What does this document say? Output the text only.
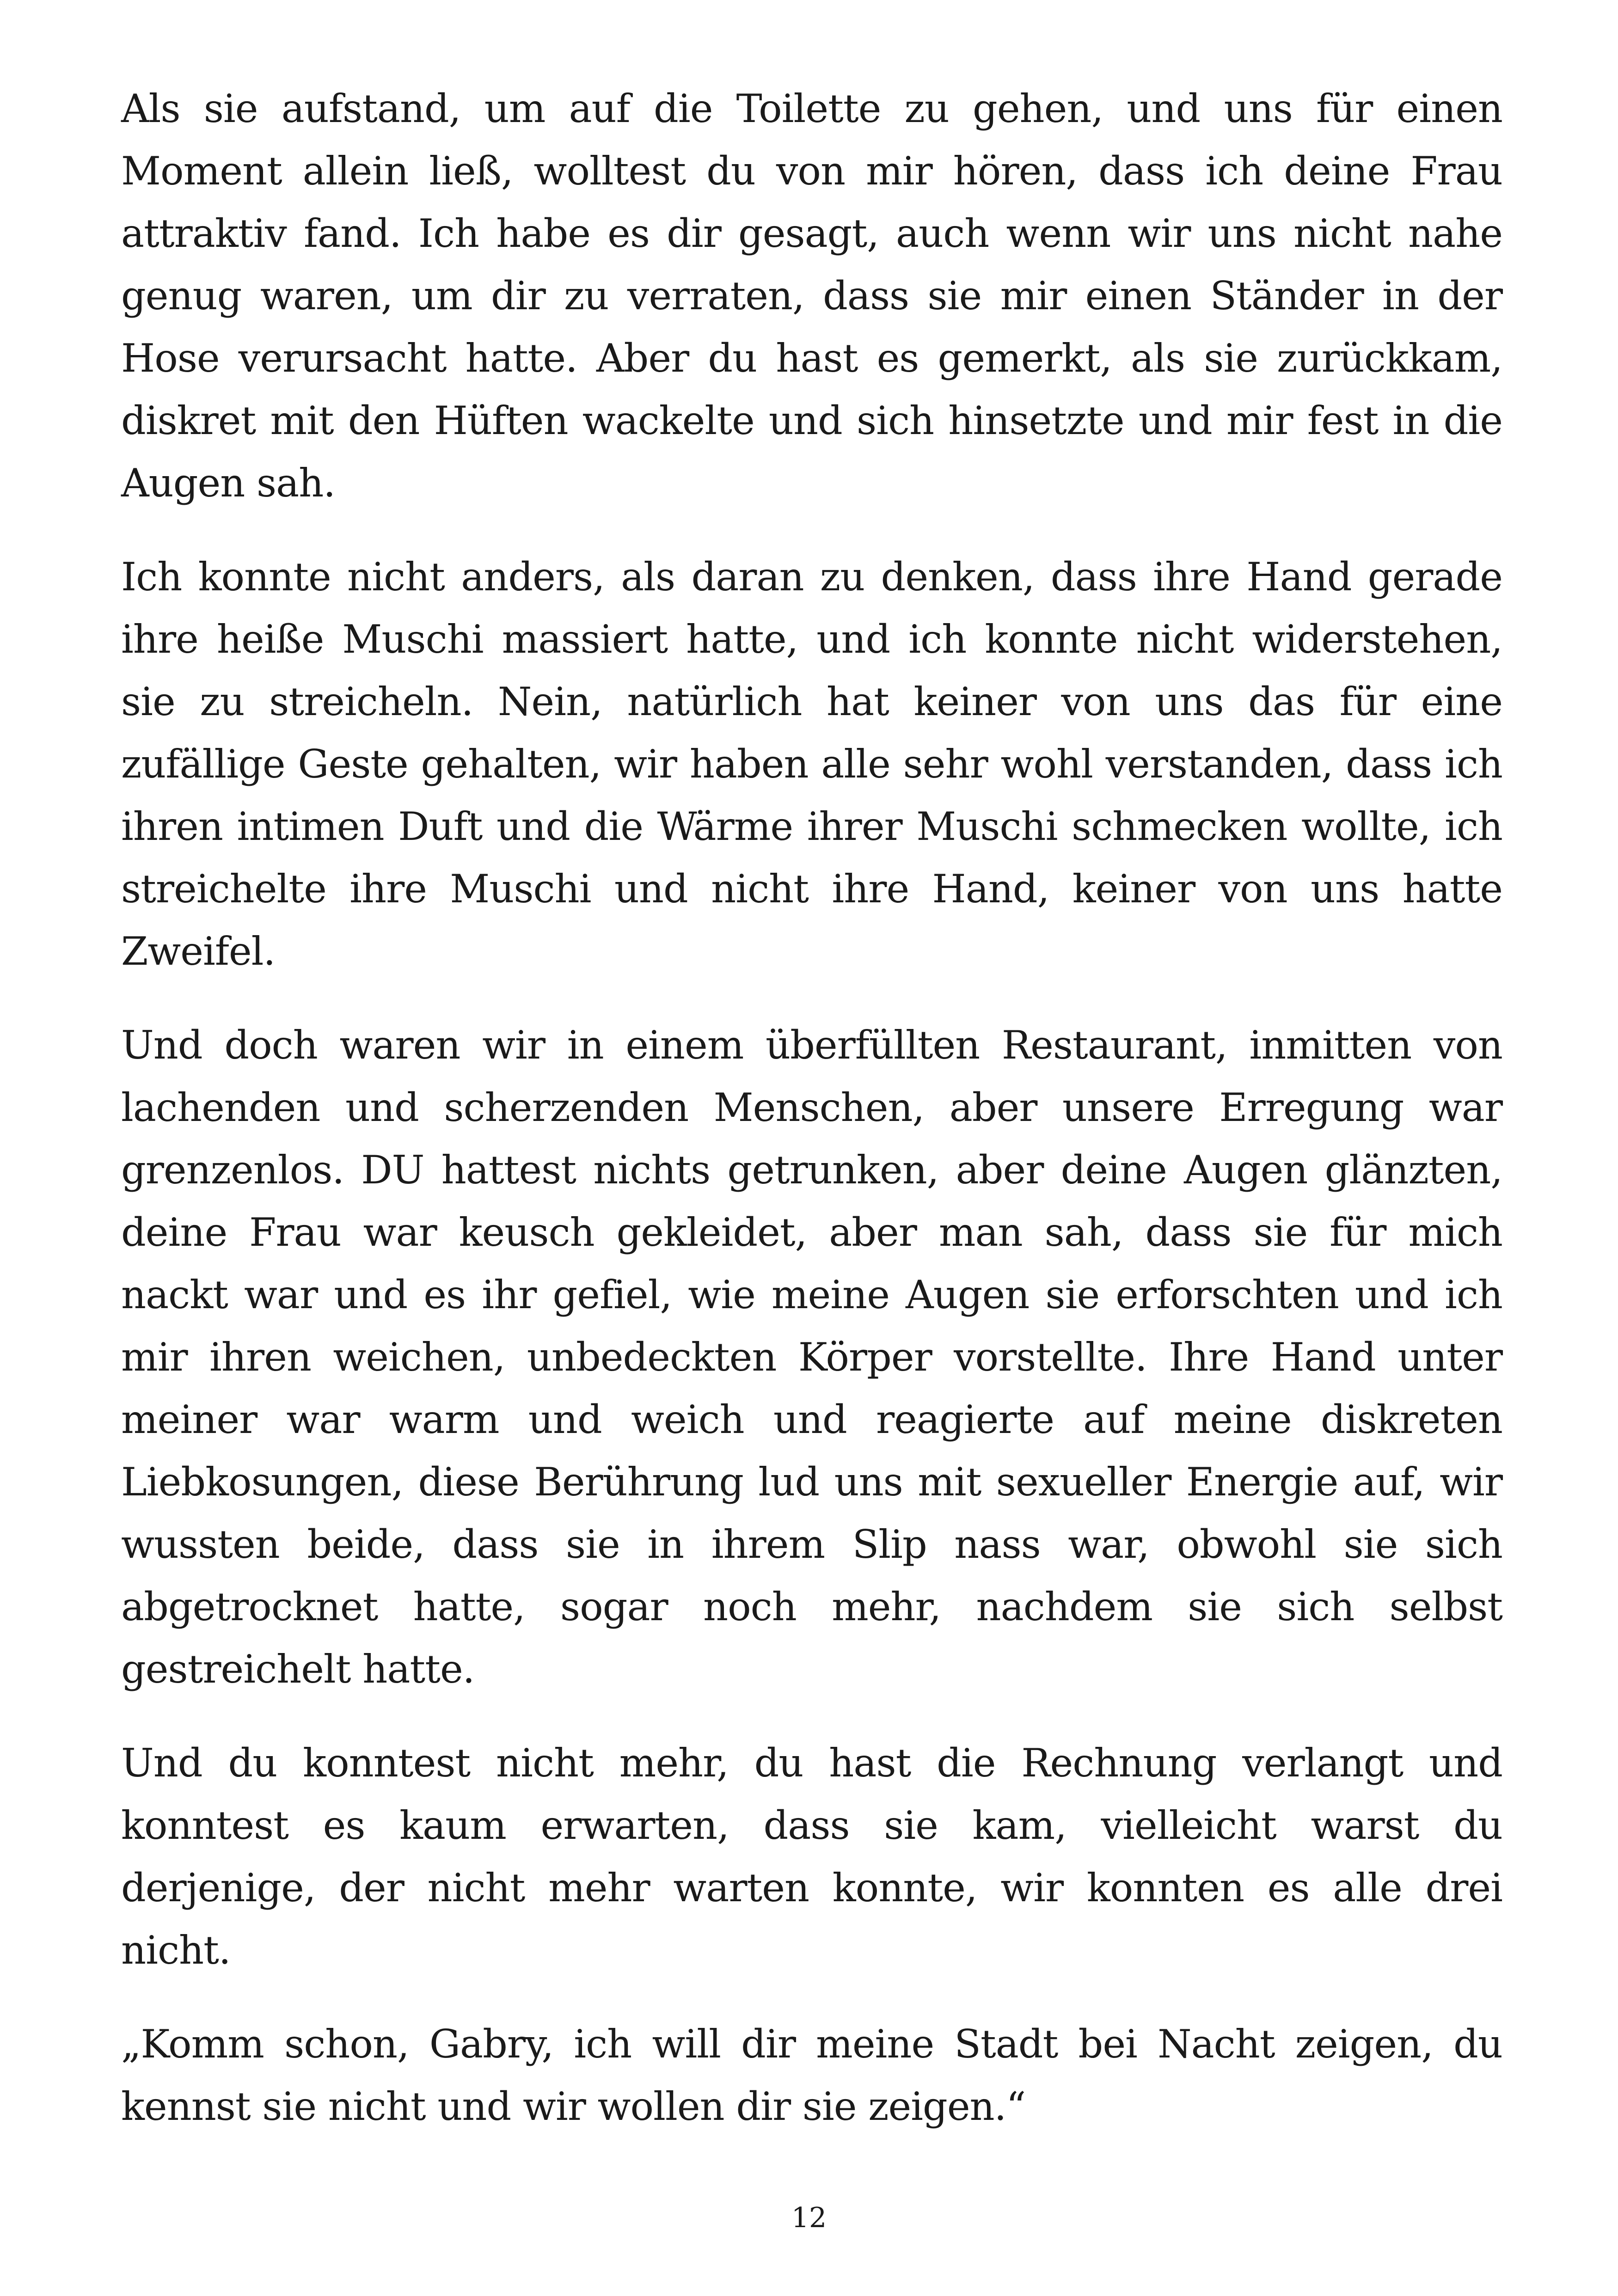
Als sie aufstand, um auf die Toilette zu gehen, und uns für einen Moment allein ließ, wolltest du von mir hören, dass ich deine Frau attraktiv fand. Ich habe es dir gesagt, auch wenn wir uns nicht nahe genug waren, um dir zu verraten, dass sie mir einen Ständer in der Hose verursacht hatte. Aber du hast es gemerkt, als sie zurückkam, diskret mit den Hüften wackelte und sich hinsetzte und mir fest in die Augen sah.

Ich konnte nicht anders, als daran zu denken, dass ihre Hand gerade ihre heiße Muschi massiert hatte, und ich konnte nicht widerstehen, sie zu streicheln. Nein, natürlich hat keiner von uns das für eine zufällige Geste gehalten, wir haben alle sehr wohl verstanden, dass ich ihren intimen Duft und die Wärme ihrer Muschi schmecken wollte, ich streichelte ihre Muschi und nicht ihre Hand, keiner von uns hatte Zweifel.

Und doch waren wir in einem überfüllten Restaurant, inmitten von lachenden und scherzenden Menschen, aber unsere Erregung war grenzenlos. DU hattest nichts getrunken, aber deine Augen glänzten, deine Frau war keusch gekleidet, aber man sah, dass sie für mich nackt war und es ihr gefiel, wie meine Augen sie erforschten und ich mir ihren weichen, unbedeckten Körper vorstellte. Ihre Hand unter meiner war warm und weich und reagierte auf meine diskreten Liebkosungen, diese Berührung lud uns mit sexueller Energie auf, wir wussten beide, dass sie in ihrem Slip nass war, obwohl sie sich abgetrocknet hatte, sogar noch mehr, nachdem sie sich selbst gestreichelt hatte.

Und du konntest nicht mehr, du hast die Rechnung verlangt und konntest es kaum erwarten, dass sie kam, vielleicht warst du derjenige, der nicht mehr warten konnte, wir konnten es alle drei nicht.

„Komm schon, Gabry, ich will dir meine Stadt bei Nacht zeigen, du kennst sie nicht und wir wollen dir sie zeigen.“

12
